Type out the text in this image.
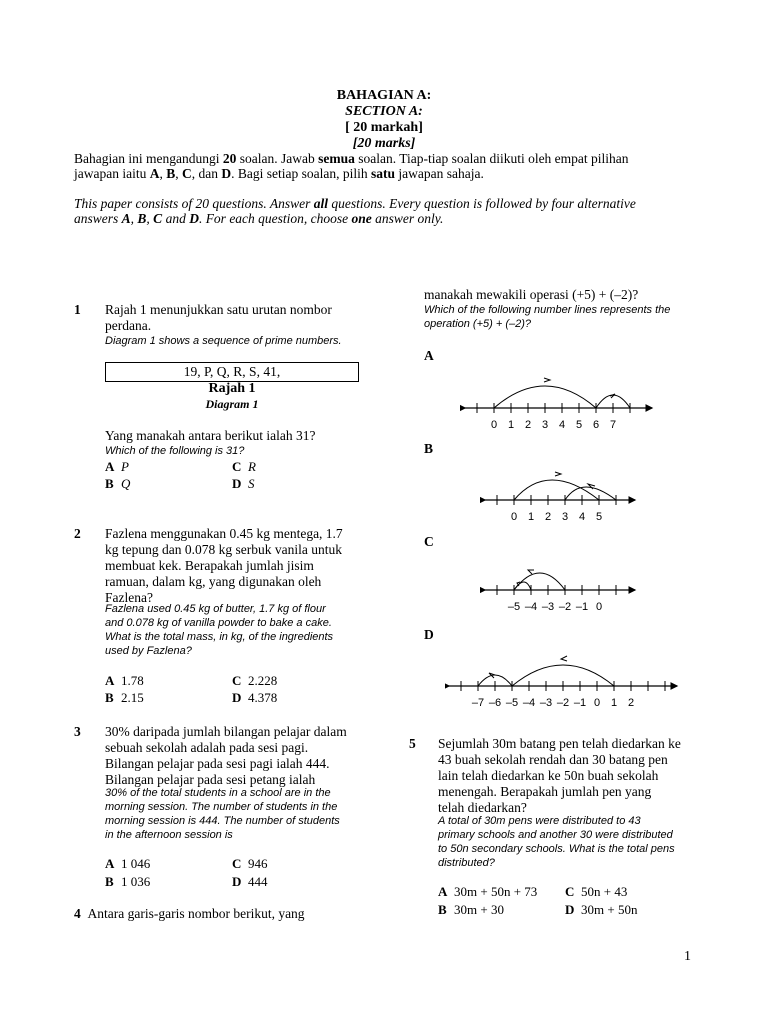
BAHAGIAN A:
SECTION A:
[ 20 markah]
[20 marks]
Bahagian ini mengandungi 20 soalan. Jawab semua soalan. Tiap-tiap soalan diikuti oleh empat pilihan
jawapan iaitu A, B, C, dan D. Bagi setiap soalan, pilih satu jawapan sahaja.
This paper consists of 20 questions. Answer all questions. Every question is followed by four alternative
answers A, B, C and D. For each question, choose one answer only.
1 Rajah 1 menunjukkan satu urutan nombor
perdana.
Diagram 1 shows a sequence of prime numbers.
19, P, Q, R, S, 41,
Rajah 1
Diagram 1
Yang manakah antara berikut ialah 31?
Which of the following is 31?
A P
B Q
C R
D S
2 Fazlena menggunakan 0.45 kg mentega, 1.7
kg tepung dan 0.078 kg serbuk vanila untuk
membuat kek. Berapakah jumlah jisim
ramuan, dalam kg, yang digunakan oleh
Fazlena?
Fazlena used 0.45 kg of butter, 1.7 kg of flour
and 0.078 kg of vanilla powder to bake a cake.
What is the total mass, in kg, of the ingredients
used by Fazlena?
A 1.78
B 2.15
C 2.228
D 4.378
3 30% daripada jumlah bilangan pelajar dalam
sebuah sekolah adalah pada sesi pagi.
Bilangan pelajar pada sesi pagi ialah 444.
Bilangan pelajar pada sesi petang ialah
30% of the total students in a school are in the
morning session. The number of students in the
morning session is 444. The number of students
in the afternoon session is
A 1 046
B 1 036
C 946
D 444
4 Antara garis-garis nombor berikut, yang
manakah mewakili operasi (+5) + (–2)?
Which of the following number lines represents the
operation (+5) + (–2)?
A
B
C
D
0 1 2 3 4 5 6 7
0 1 2 3 4 5
–5 –4 –3 –2 –1 0
–7 –6 –5 –4 –3 –2 –1 0 1 2
5 Sejumlah 30m batang pen telah diedarkan ke
43 buah sekolah rendah dan 30 batang pen
lain telah diedarkan ke 50n buah sekolah
menengah. Berapakah jumlah pen yang
telah diedarkan?
A total of 30m pens were distributed to 43
primary schools and another 30 were distributed
to 50n secondary schools. What is the total pens
distributed?
A 30m + 50n + 73
B 30m + 30
C 50n + 43
D 30m + 50n
1
